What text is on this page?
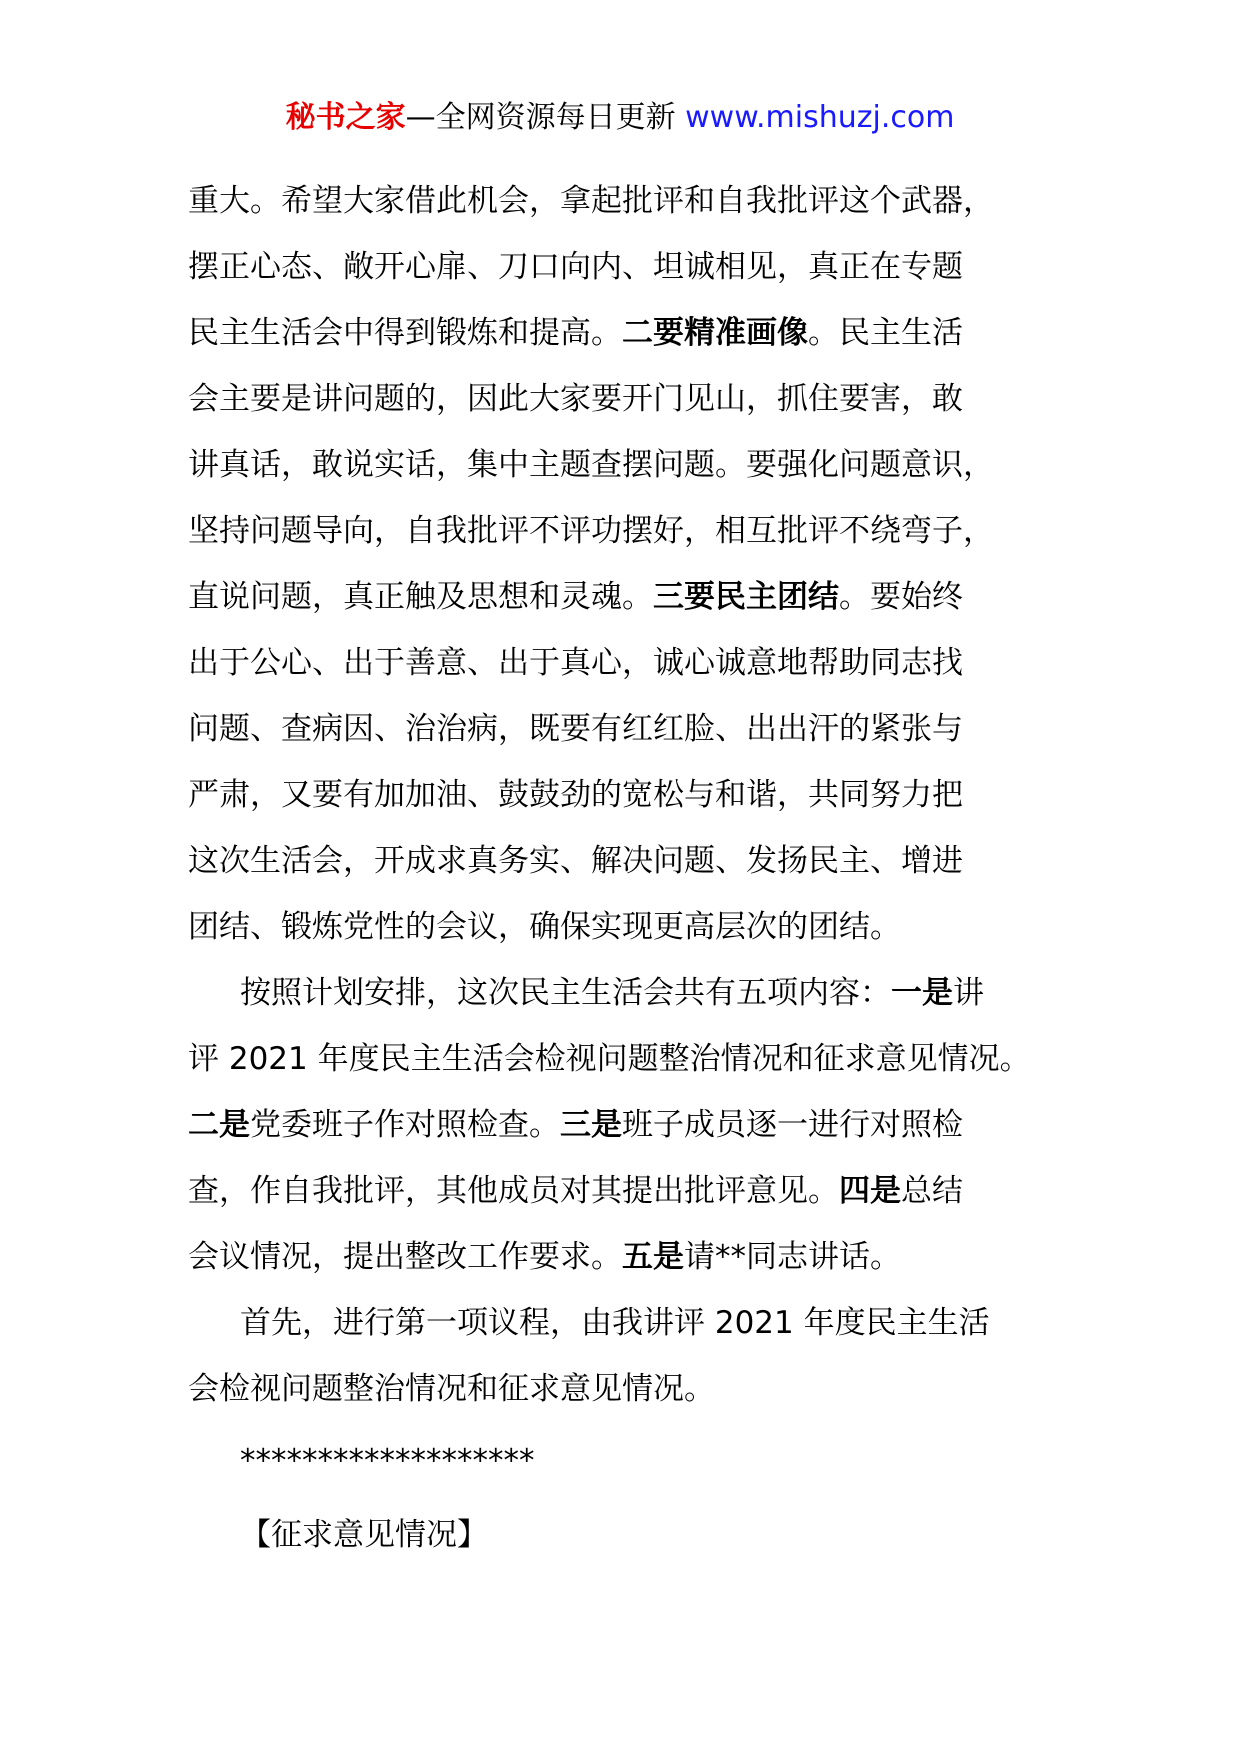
秘书之家—全网资源每日更新 www.mishuzj.com
重大。希望大家借此机会，拿起批评和自我批评这个武器，
摆正心态、敞开心扉、刀口向内、坦诚相见，真正在专题
民主生活会中得到锻炼和提高。二要精准画像。民主生活
会主要是讲问题的，因此大家要开门见山，抓住要害，敢
讲真话，敢说实话，集中主题查摆问题。要强化问题意识，
坚持问题导向，自我批评不评功摆好，相互批评不绕弯子，
直说问题，真正触及思想和灵魂。三要民主团结。要始终
出于公心、出于善意、出于真心，诚心诚意地帮助同志找
问题、查病因、治治病，既要有红红脸、出出汗的紧张与
严肃，又要有加加油、鼓鼓劲的宽松与和谐，共同努力把
这次生活会，开成求真务实、解决问题、发扬民主、增进
团结、锻炼党性的会议，确保实现更高层次的团结。
按照计划安排，这次民主生活会共有五项内容：一是讲
评 2021 年度民主生活会检视问题整治情况和征求意见情况。
二是党委班子作对照检查。三是班子成员逐一进行对照检
查，作自我批评，其他成员对其提出批评意见。四是总结
会议情况，提出整改工作要求。五是请**同志讲话。
首先，进行第一项议程，由我讲评 2021 年度民主生活
会检视问题整治情况和征求意见情况。
*******************
【征求意见情况】
